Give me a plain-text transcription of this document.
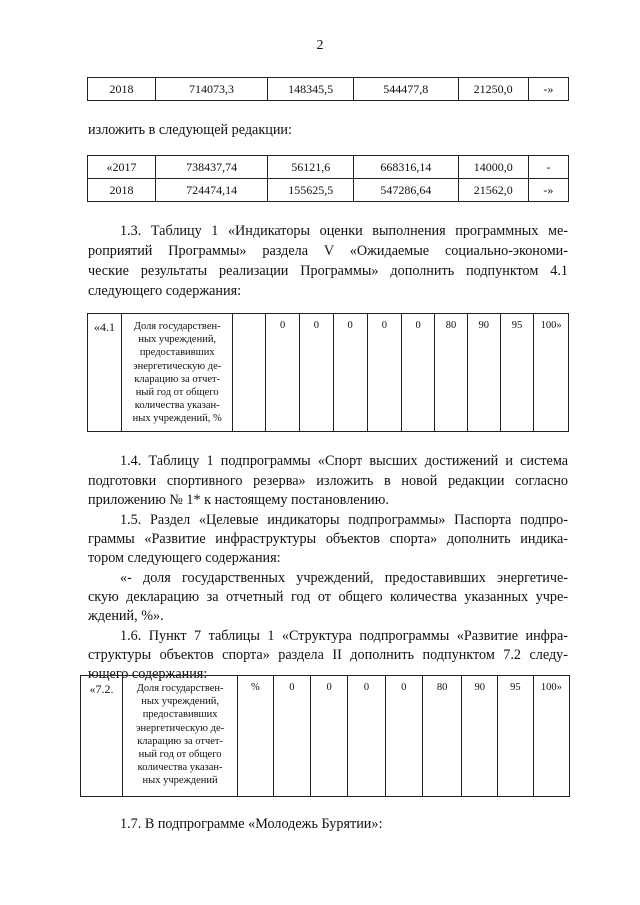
2
2018	714073,3	148345,5	544477,8	21250,0	-»
изложить в следующей редакции:
«2017	738437,74	56121,6	668316,14	14000,0	-
2018	724474,14	155625,5	547286,64	21562,0	-»
1.3. Таблицу 1 «Индикаторы оценки выполнения программных ме-
роприятий Программы» раздела V «Ожидаемые социально-экономи-
ческие результаты реализации Программы» дополнить подпунктом 4.1
следующего содержания:
«4.1	Доля государствен-
ных учреждений,
предоставивших
энергетическую де-
кларацию за отчет-
ный год от общего
количества указан-
ных учреждений, %
		0	0	0	0	0	80	90	95	100»
1.4. Таблицу 1 подпрограммы «Спорт высших достижений и система
подготовки спортивного резерва» изложить в новой редакции согласно
приложению № 1* к настоящему постановлению.
1.5. Раздел «Целевые индикаторы подпрограммы» Паспорта подпро-
граммы «Развитие инфраструктуры объектов спорта» дополнить индика-
тором следующего содержания:
«- доля государственных учреждений, предоставивших энергетиче-
скую декларацию за отчетный год от общего количества указанных учре-
ждений, %».
1.6. Пункт 7 таблицы 1 «Структура подпрограммы «Развитие инфра-
структуры объектов спорта» раздела II дополнить подпунктом 7.2 следу-
ющего содержания:
«7.2.	Доля государствен-
ных учреждений,
предоставивших
энергетическую де-
кларацию за отчет-
ный год от общего
количества указан-
ных учреждений
	%	0	0	0	0	80	90	95	100»
1.7. В подпрограмме «Молодежь Бурятии»:
